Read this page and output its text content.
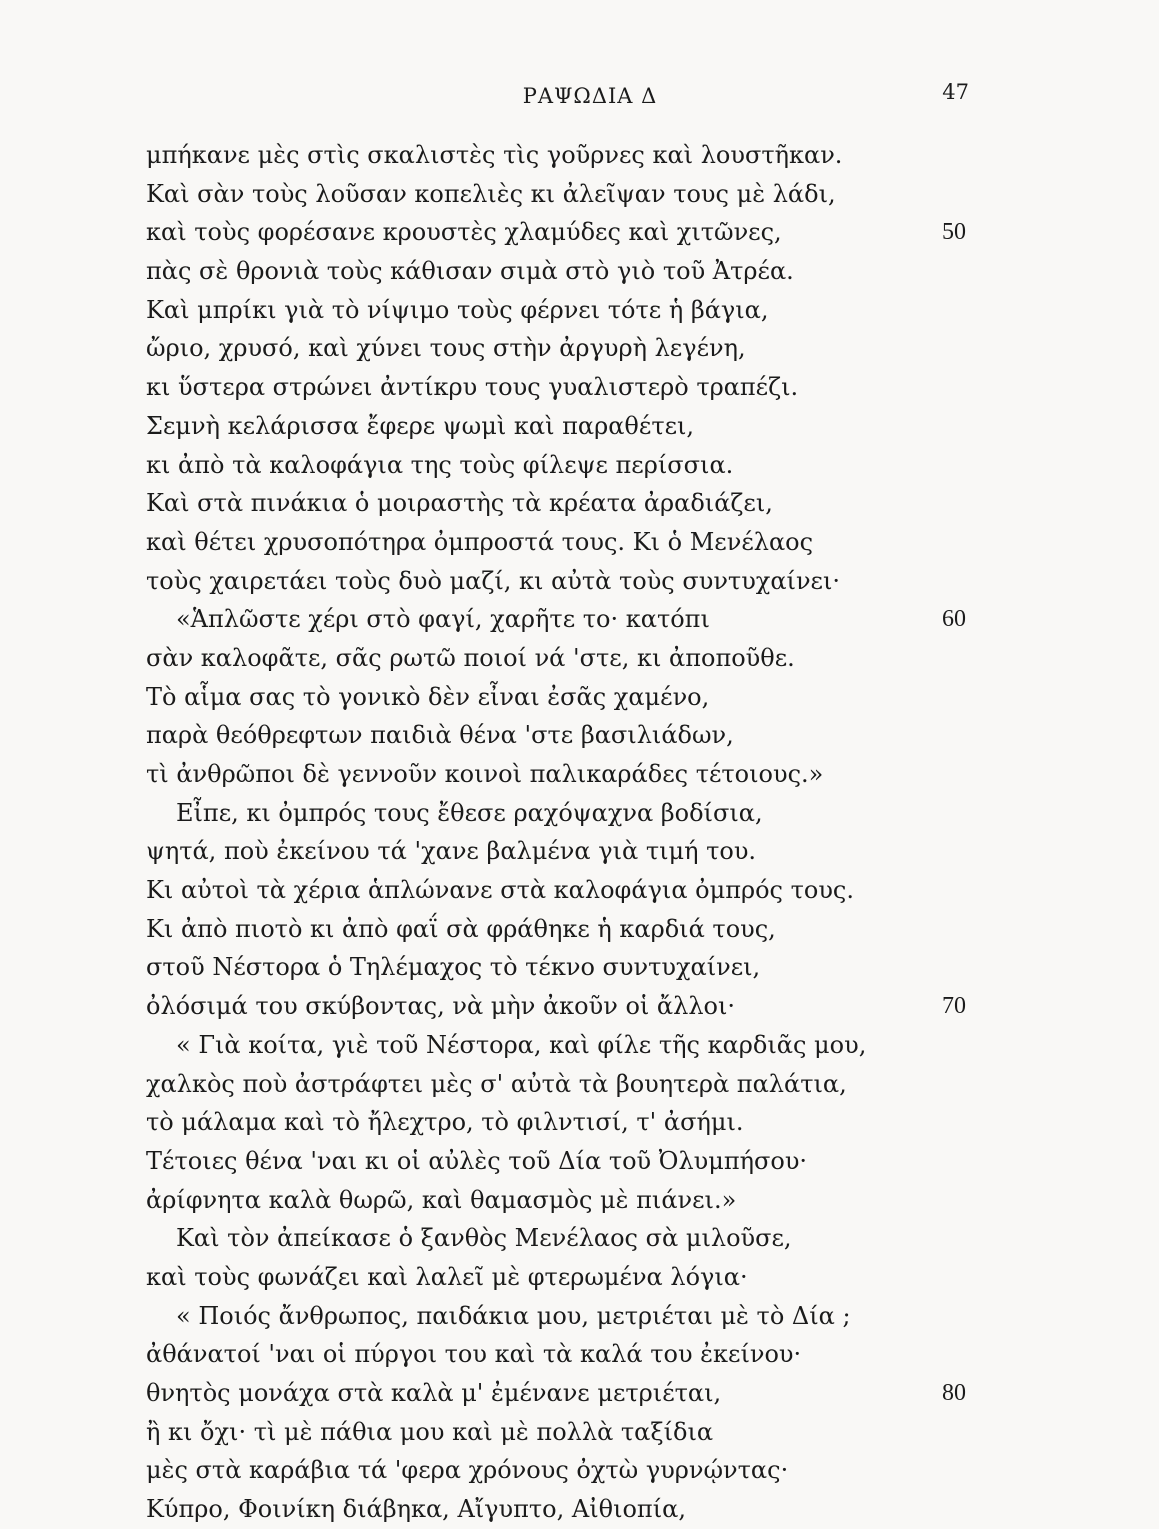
ΡΑΨΩΔΙΑ Δ	47
μπήκανε μὲς στὶς σκαλιστὲς τὶς γοῦρνες καὶ λουστῆκαν.
Καὶ σὰν τοὺς λοῦσαν κοπελιὲς κι ἀλεῖψαν τους μὲ λάδι,
καὶ τοὺς φορέσανε κρουστὲς χλαμύδες καὶ χιτῶνες,	50
πὰς σὲ θρονιὰ τοὺς κάθισαν σιμὰ στὸ γιὸ τοῦ Ἀτρέα.
Καὶ μπρίκι γιὰ τὸ νίψιμο τοὺς φέρνει τότε ἡ βάγια,
ὤριο, χρυσό, καὶ χύνει τους στὴν ἀργυρὴ λεγένη,
κι ὕστερα στρώνει ἀντίκρυ τους γυαλιστερὸ τραπέζι.
Σεμνὴ κελάρισσα ἔφερε ψωμὶ καὶ παραθέτει,
κι ἀπὸ τὰ καλοφάγια της τοὺς φίλεψε περίσσια.
Καὶ στὰ πινάκια ὁ μοιραστὴς τὰ κρέατα ἀραδιάζει,
καὶ θέτει χρυσοπότηρα ὀμπροστά τους. Κι ὁ Μενέλαος
τοὺς χαιρετάει τοὺς δυὸ μαζί, κι αὐτὰ τοὺς συντυχαίνει·
«Ἁπλῶστε χέρι στὸ φαγί, χαρῆτε το· κατόπι	60
σὰν καλοφᾶτε, σᾶς ρωτῶ ποιοί νά 'στε, κι ἀποποῦθε.
Τὸ αἷμα σας τὸ γονικὸ δὲν εἶναι ἐσᾶς χαμένο,
παρὰ θεόθρεφτων παιδιὰ θένα 'στε βασιλιάδων,
τὶ ἀνθρῶποι δὲ γεννοῦν κοινοὶ παλικαράδες τέτοιους.»
Εἶπε, κι ὀμπρός τους ἔθεσε ραχόψαχνα βοδίσια,
ψητά, ποὺ ἐκείνου τά 'χανε βαλμένα γιὰ τιμή του.
Κι αὐτοὶ τὰ χέρια ἁπλώνανε στὰ καλοφάγια ὀμπρός τους.
Κι ἀπὸ πιοτὸ κι ἀπὸ φαΐ σὰ φράθηκε ἡ καρδιά τους,
στοῦ Νέστορα ὁ Τηλέμαχος τὸ τέκνο συντυχαίνει,
ὀλόσιμά του σκύβοντας, νὰ μὴν ἀκοῦν οἱ ἄλλοι·	70
« Γιὰ κοίτα, γιὲ τοῦ Νέστορα, καὶ φίλε τῆς καρδιᾶς μου,
χαλκὸς ποὺ ἀστράφτει μὲς σ' αὐτὰ τὰ βουητερὰ παλάτια,
τὸ μάλαμα καὶ τὸ ἤλεχτρο, τὸ φιλντισί, τ' ἀσήμι.
Τέτοιες θένα 'ναι κι οἱ αὐλὲς τοῦ Δία τοῦ Ὀλυμπήσου·
ἀρίφνητα καλὰ θωρῶ, καὶ θαμασμὸς μὲ πιάνει.»
Καὶ τὸν ἀπείκασε ὁ ξανθὸς Μενέλαος σὰ μιλοῦσε,
καὶ τοὺς φωνάζει καὶ λαλεῖ μὲ φτερωμένα λόγια·
« Ποιός ἄνθρωπος, παιδάκια μου, μετριέται μὲ τὸ Δία ;
ἀθάνατοί 'ναι οἱ πύργοι του καὶ τὰ καλά του ἐκείνου·
θνητὸς μονάχα στὰ καλὰ μ' ἐμένανε μετριέται,	80
ἢ κι ὄχι· τὶ μὲ πάθια μου καὶ μὲ πολλὰ ταξίδια
μὲς στὰ καράβια τά 'φερα χρόνους ὀχτὼ γυρνῴντας·
Κύπρο, Φοινίκη διάβηκα, Αἴγυπτο, Αἰθιοπία,
